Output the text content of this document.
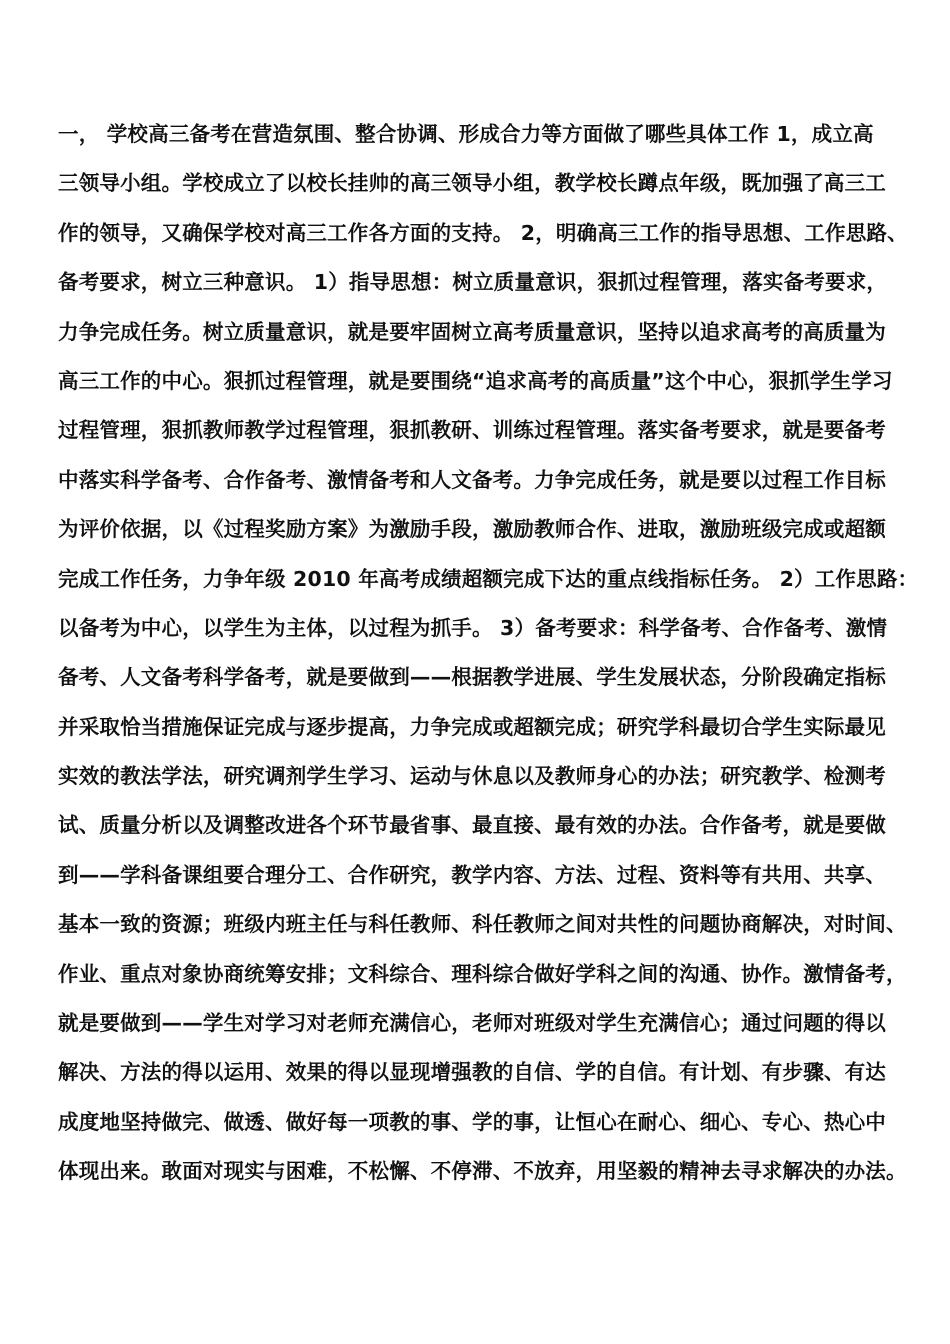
一， 学校高三备考在营造氛围、整合协调、形成合力等方面做了哪些具体工作 1，成立高
三领导小组。学校成立了以校长挂帅的高三领导小组，教学校长蹲点年级，既加强了高三工
作的领导，又确保学校对高三工作各方面的支持。 2，明确高三工作的指导思想、工作思路、
备考要求，树立三种意识。 1）指导思想：树立质量意识，狠抓过程管理，落实备考要求，
力争完成任务。树立质量意识，就是要牢固树立高考质量意识，坚持以追求高考的高质量为
高三工作的中心。狠抓过程管理，就是要围绕“追求高考的高质量”这个中心，狠抓学生学习
过程管理，狠抓教师教学过程管理，狠抓教研、训练过程管理。落实备考要求，就是要备考
中落实科学备考、合作备考、激情备考和人文备考。力争完成任务，就是要以过程工作目标
为评价依据，以《过程奖励方案》为激励手段，激励教师合作、进取，激励班级完成或超额
完成工作任务，力争年级 2010 年高考成绩超额完成下达的重点线指标任务。 2）工作思路：
以备考为中心，以学生为主体，以过程为抓手。 3）备考要求：科学备考、合作备考、激情
备考、人文备考科学备考，就是要做到——根据教学进展、学生发展状态，分阶段确定指标
并采取恰当措施保证完成与逐步提高，力争完成或超额完成；研究学科最切合学生实际最见
实效的教法学法，研究调剂学生学习、运动与休息以及教师身心的办法；研究教学、检测考
试、质量分析以及调整改进各个环节最省事、最直接、最有效的办法。合作备考，就是要做
到——学科备课组要合理分工、合作研究，教学内容、方法、过程、资料等有共用、共享、
基本一致的资源；班级内班主任与科任教师、科任教师之间对共性的问题协商解决，对时间、
作业、重点对象协商统筹安排；文科综合、理科综合做好学科之间的沟通、协作。激情备考，
就是要做到——学生对学习对老师充满信心，老师对班级对学生充满信心；通过问题的得以
解决、方法的得以运用、效果的得以显现增强教的自信、学的自信。有计划、有步骤、有达
成度地坚持做完、做透、做好每一项教的事、学的事，让恒心在耐心、细心、专心、热心中
体现出来。敢面对现实与困难，不松懈、不停滞、不放弃，用坚毅的精神去寻求解决的办法。
